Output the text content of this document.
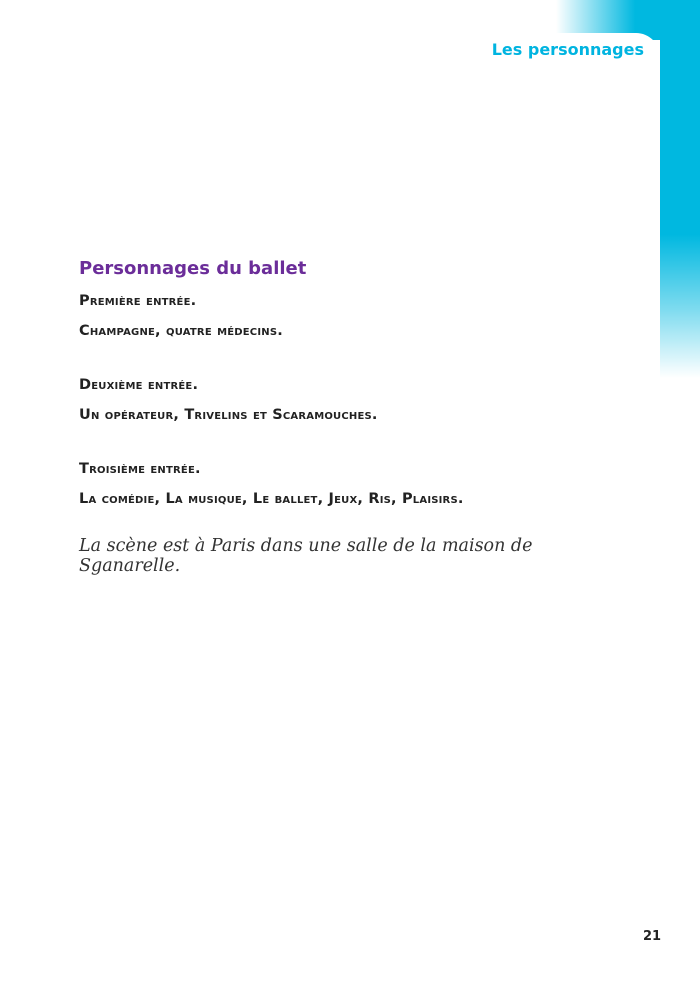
Les personnages
Personnages du ballet

Première entrée.

Champagne, quatre médecins.

Deuxième entrée.

Un opérateur, Trivelins et Scaramouches.

Troisième entrée.

La comédie, La musique, Le ballet, Jeux, Ris, Plaisirs.

La scène est à Paris dans une salle de la maison de Sganarelle.
21
